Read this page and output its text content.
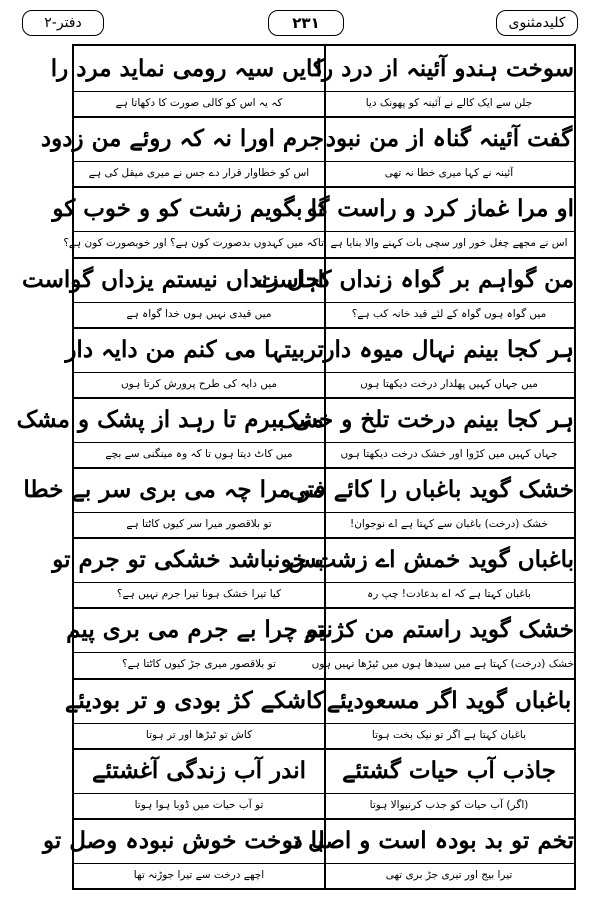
دفتر-۲	۲۳۱	کلیدمثنوی
سوخت ہندو آئینہ از درد را
کایں سیہ رومی نماید مرد را
جلن سے ایک کالے نے آئینہ کو پھونک دیا
کہ یہ اس کو کالی صورت کا دکھاتا ہے
گفت آئینہ گناہ از من نبود
جرم اورا نہ کہ روئے من زدود
آئینہ نے کہا میری خطا نہ تھی
اس کو خطاوار قرار دے جس نے میری میقل کی ہے
او مرا غماز کرد و راست گو
تا بگویم زشت کو و خوب کو
اس نے مجھے چغل خور اور سچی بات کہنے والا بنایا ہے
تاکہ میں کہدوں بدصورت کون ہے؟ اور خوبصورت کون ہے؟
من گواہم بر گواہ زنداں کجاست
اہل زنداں نیستم یزداں گواست
میں گواہ ہوں گواہ کے لئے قید خانہ کب ہے؟
میں قیدی نہیں ہوں خدا گواہ ہے
ہر کجا بینم نہال میوہ دار
تربیتہا می کنم من دایہ دار
میں جہاں کہیں پھلدار درخت دیکھتا ہوں
میں دایہ کی طرح پرورش کرتا ہوں
ہر کجا بینم درخت تلخ و خشک
می ببرم تا رہد از پشک و مشک
جہاں کہیں میں کڑوا اور خشک درخت دیکھتا ہوں
میں کاٹ دیتا ہوں تا کہ وہ مینگنی سے بچے
خشک گوید باغباں را کائے فتی
مر مرا چہ می بری سر بے خطا
خشک (درخت) باغبان سے کہتا ہے اے نوجوان!
تو بلاقصور میرا سر کیوں کاٹتا ہے
باغباں گوید خمش اے زشت خو
بس نباشد خشکی تو جرم تو
باغبان کہتا ہے کہ اے بدعادت! چپ رہ
کیا تیرا خشک ہونا تیرا جرم نہیں ہے؟
خشک گوید راستم من کژنیم
تو چرا بے جرم می بری پیم
خشک (درخت) کہتا ہے میں سیدھا ہوں میں ٹیڑھا نہیں ہوں
تو بلاقصور میری جڑ کیوں کاٹتا ہے؟
باغباں گوید اگر مسعودیئے
کاشکے کژ بودی و تر بودیئے
باغبان کہتا ہے اگر تو نیک بخت ہوتا
کاش تو ٹیڑھا اور تر ہوتا
جاذب آب حیات گشتئے
اندر آب زندگی آغشتئے
(اگر) آب حیات کو جذب کرنیوالا ہوتا
تو آب حیات میں ڈوبا ہوا ہوتا
تخم تو بد بودہ است و اصل تو
با درخت خوش نبودہ وصل تو
تیرا بیج اور تیری جڑ بری تھی
اچھے درخت سے تیرا جوڑنہ تھا
